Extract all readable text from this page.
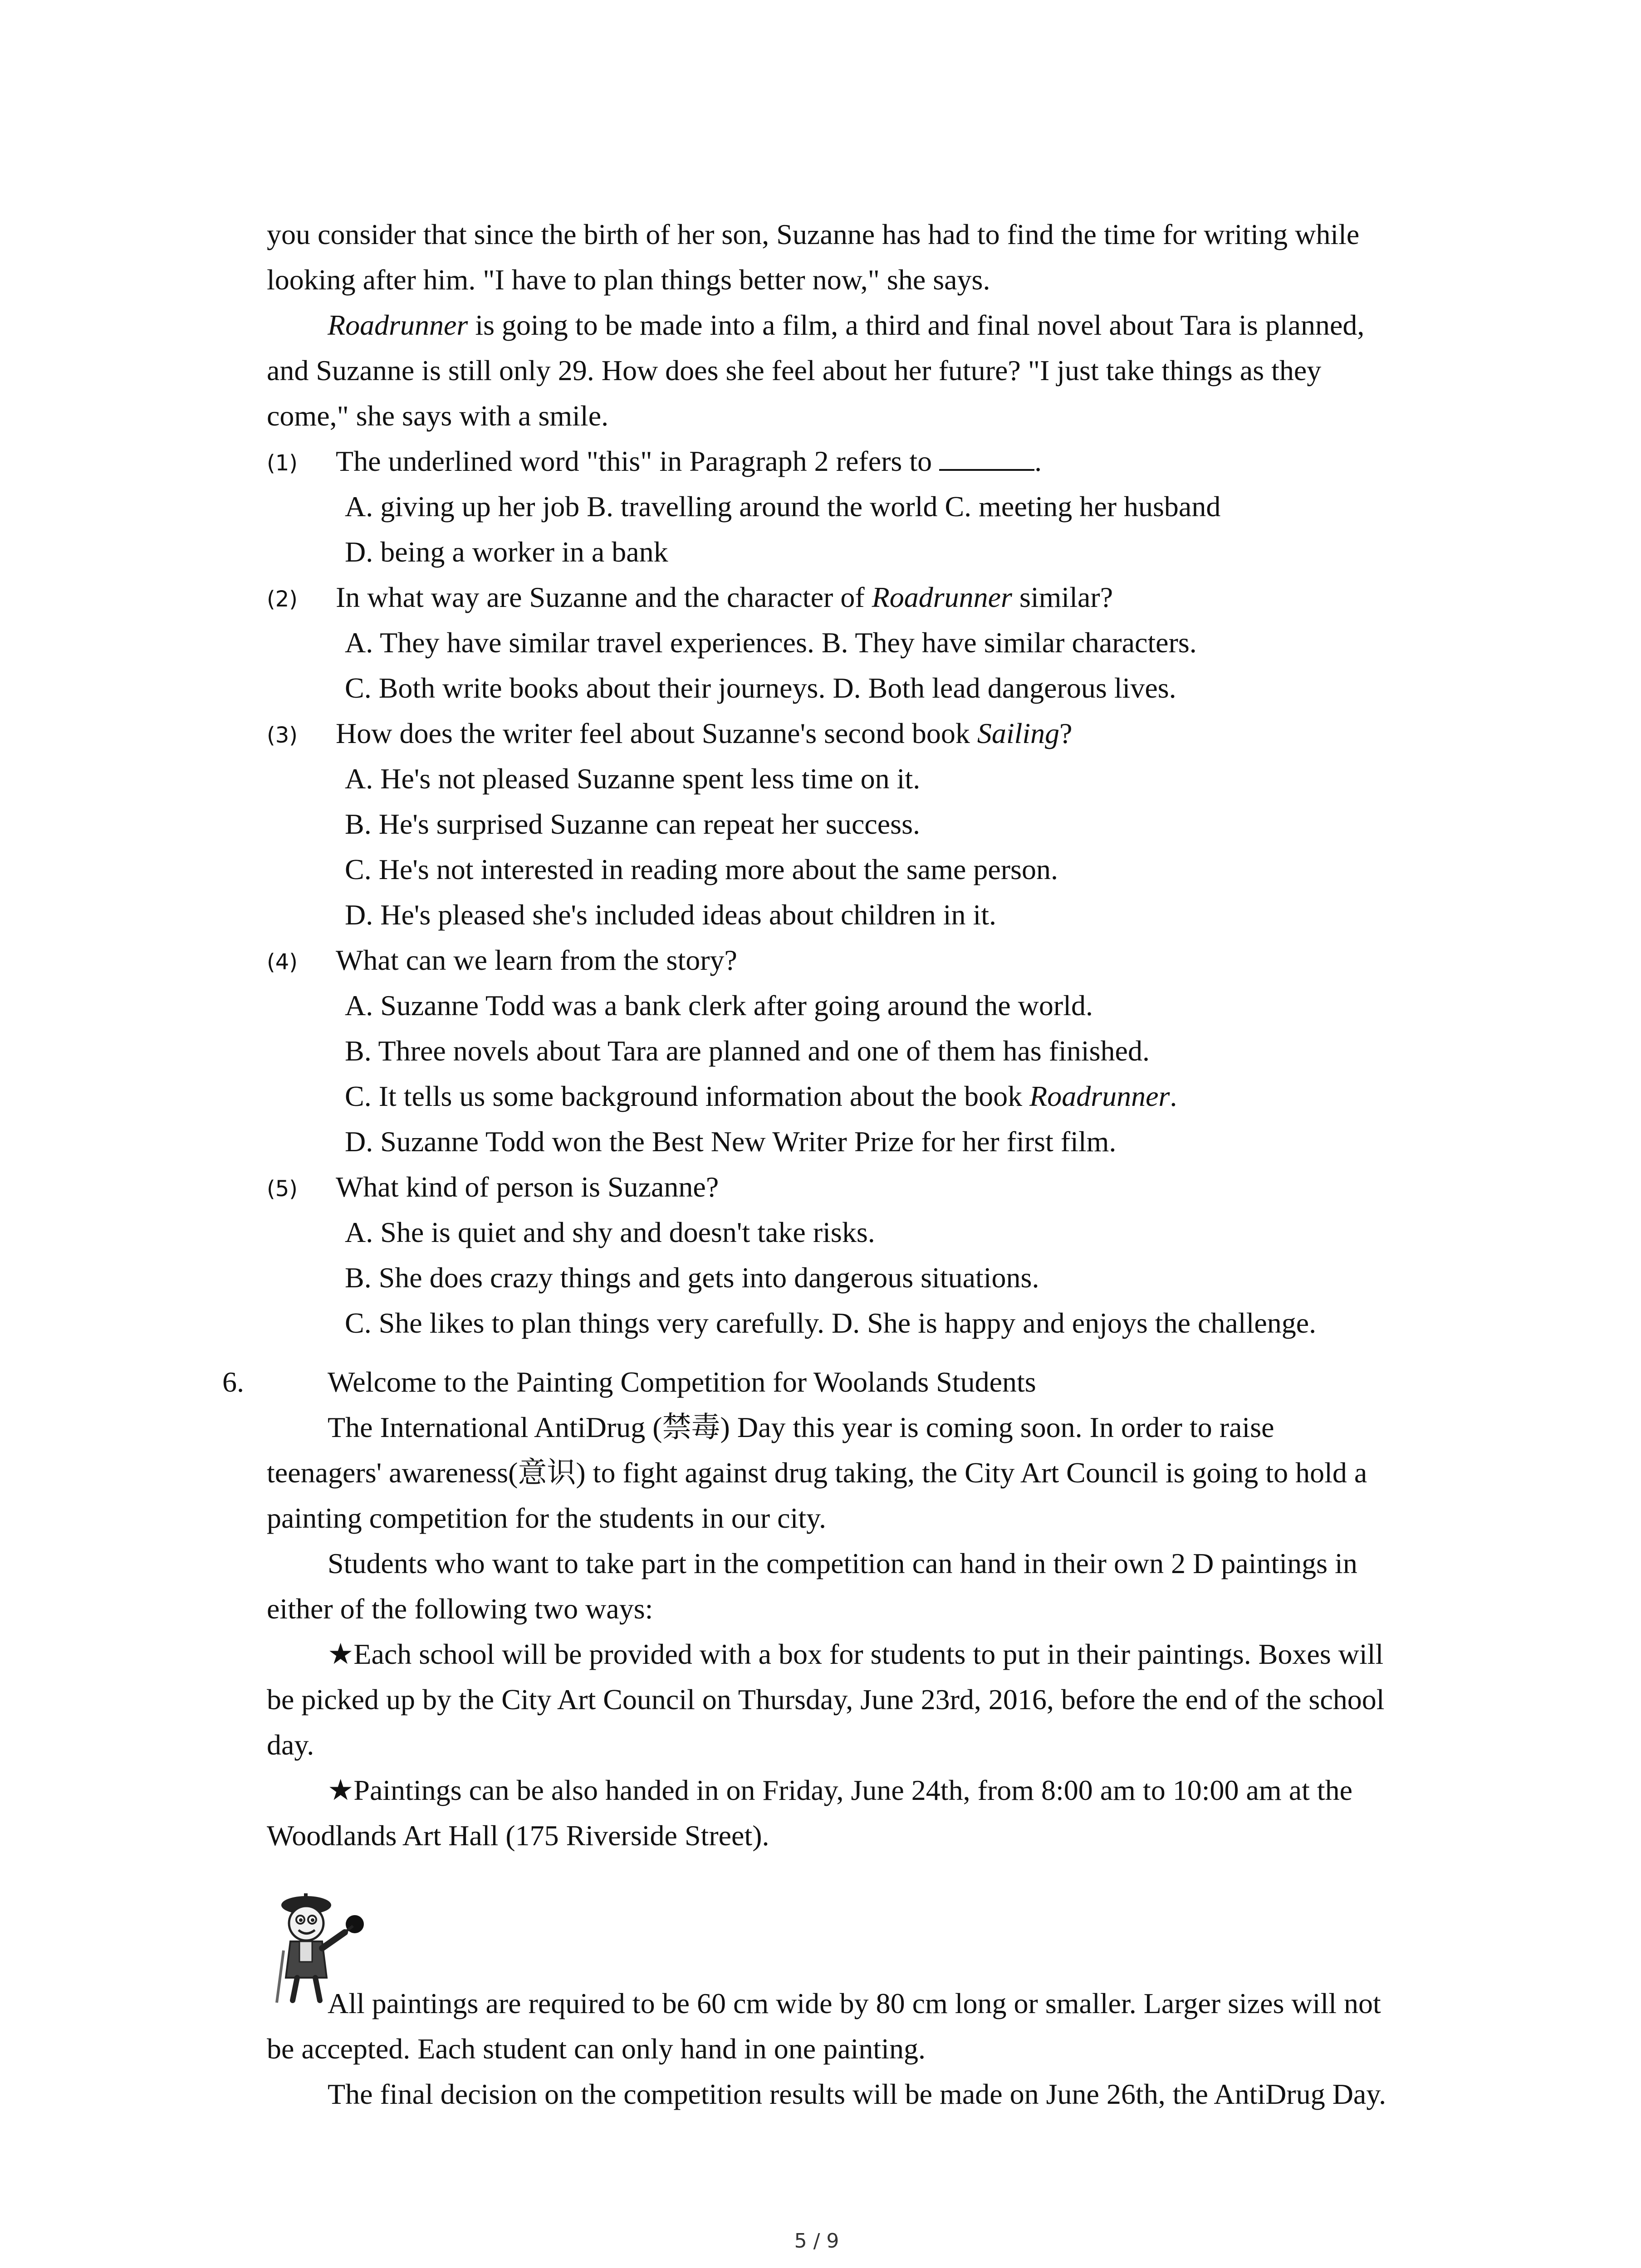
you consider that since the birth of her son, Suzanne has had to find the time for writing while
looking after him. "I have to plan things better now," she says.
Roadrunner is going to be made into a film, a third and final novel about Tara is planned,
and Suzanne is still only 29. How does she feel about her future? "I just take things as they
come," she says with a smile.
(1) The underlined word "this" in Paragraph 2 refers to	.
A. giving up her job B. travelling around the world C. meeting her husband
D. being a worker in a bank
(2) In what way are Suzanne and the character of Roadrunner similar?
A. They have similar travel experiences. B. They have similar characters.
C. Both write books about their journeys. D. Both lead dangerous lives.
(3) How does the writer feel about Suzanne's second book Sailing?
A. He's not pleased Suzanne spent less time on it.
B. He's surprised Suzanne can repeat her success.
C. He's not interested in reading more about the same person.
D. He's pleased she's included ideas about children in it.
(4) What can we learn from the story?
A. Suzanne Todd was a bank clerk after going around the world.
B. Three novels about Tara are planned and one of them has finished.
C. It tells us some background information about the book Roadrunner.
D. Suzanne Todd won the Best New Writer Prize for her first film.
(5) What kind of person is Suzanne?
A. She is quiet and shy and doesn't take risks.
B. She does crazy things and gets into dangerous situations.
C. She likes to plan things very carefully. D. She is happy and enjoys the challenge.
6.	Welcome to the Painting Competition for Woolands Students
The International AntiDrug (禁毒) Day this year is coming soon. In order to raise
teenagers' awareness(意识) to fight against drug taking, the City Art Council is going to hold a
painting competition for the students in our city.
Students who want to take part in the competition can hand in their own 2 D paintings in
either of the following two ways:
★Each school will be provided with a box for students to put in their paintings. Boxes will
be picked up by the City Art Council on Thursday, June 23rd, 2016, before the end of the school
day.
★Paintings can be also handed in on Friday, June 24th, from 8:00 am to 10:00 am at the
Woodlands Art Hall (175 Riverside Street).
All paintings are required to be 60 cm wide by 80 cm long or smaller. Larger sizes will not
be accepted. Each student can only hand in one painting.
The final decision on the competition results will be made on June 26th, the AntiDrug Day.
5 / 9
